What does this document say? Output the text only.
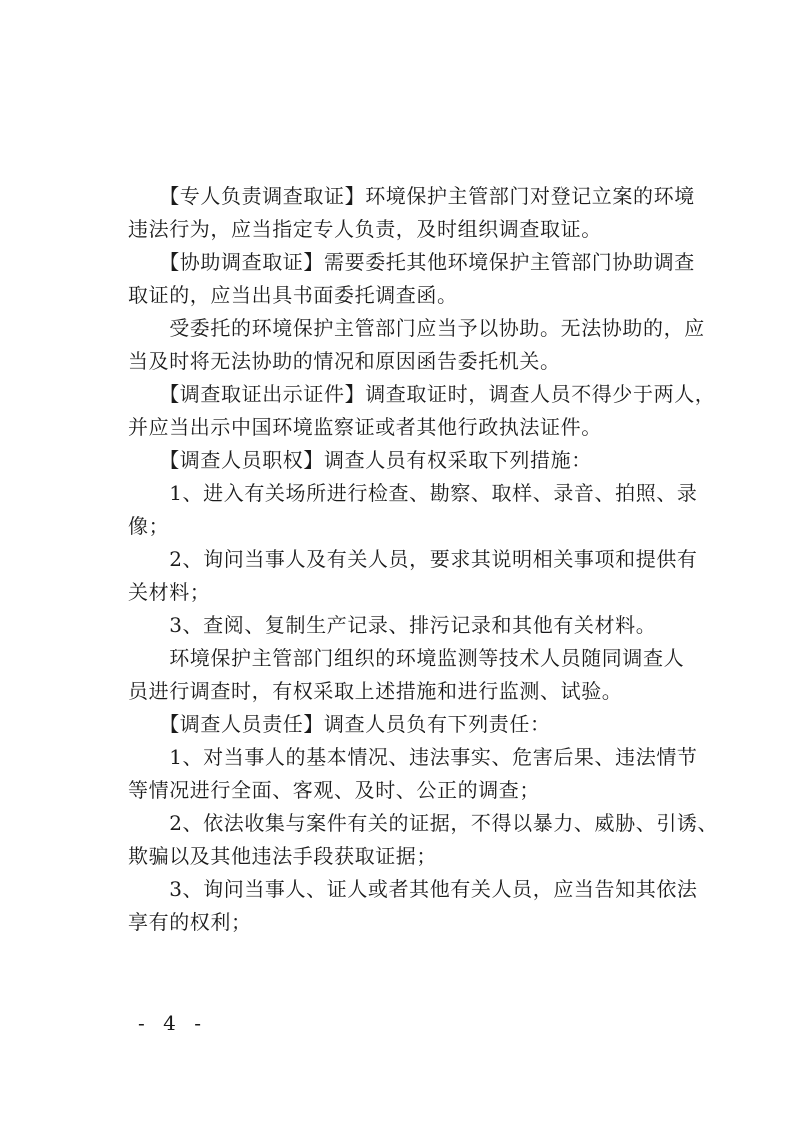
　　【专人负责调查取证】环境保护主管部门对登记立案的环境
违法行为，应当指定专人负责，及时组织调查取证。

　　【协助调查取证】需要委托其他环境保护主管部门协助调查
取证的，应当出具书面委托调查函。

　　受委托的环境保护主管部门应当予以协助。无法协助的，应
当及时将无法协助的情况和原因函告委托机关。

　　【调查取证出示证件】调查取证时，调查人员不得少于两人，
并应当出示中国环境监察证或者其他行政执法证件。

　　【调查人员职权】调查人员有权采取下列措施：

　　1、进入有关场所进行检查、勘察、取样、录音、拍照、录
像；

　　2、询问当事人及有关人员，要求其说明相关事项和提供有
关材料；

　　3、查阅、复制生产记录、排污记录和其他有关材料。

　　环境保护主管部门组织的环境监测等技术人员随同调查人
员进行调查时，有权采取上述措施和进行监测、试验。

　　【调查人员责任】调查人员负有下列责任：

　　1、对当事人的基本情况、违法事实、危害后果、违法情节
等情况进行全面、客观、及时、公正的调查；

　　2、依法收集与案件有关的证据，不得以暴力、威胁、引诱、
欺骗以及其他违法手段获取证据；

　　3、询问当事人、证人或者其他有关人员，应当告知其依法
享有的权利；

- 4 -
